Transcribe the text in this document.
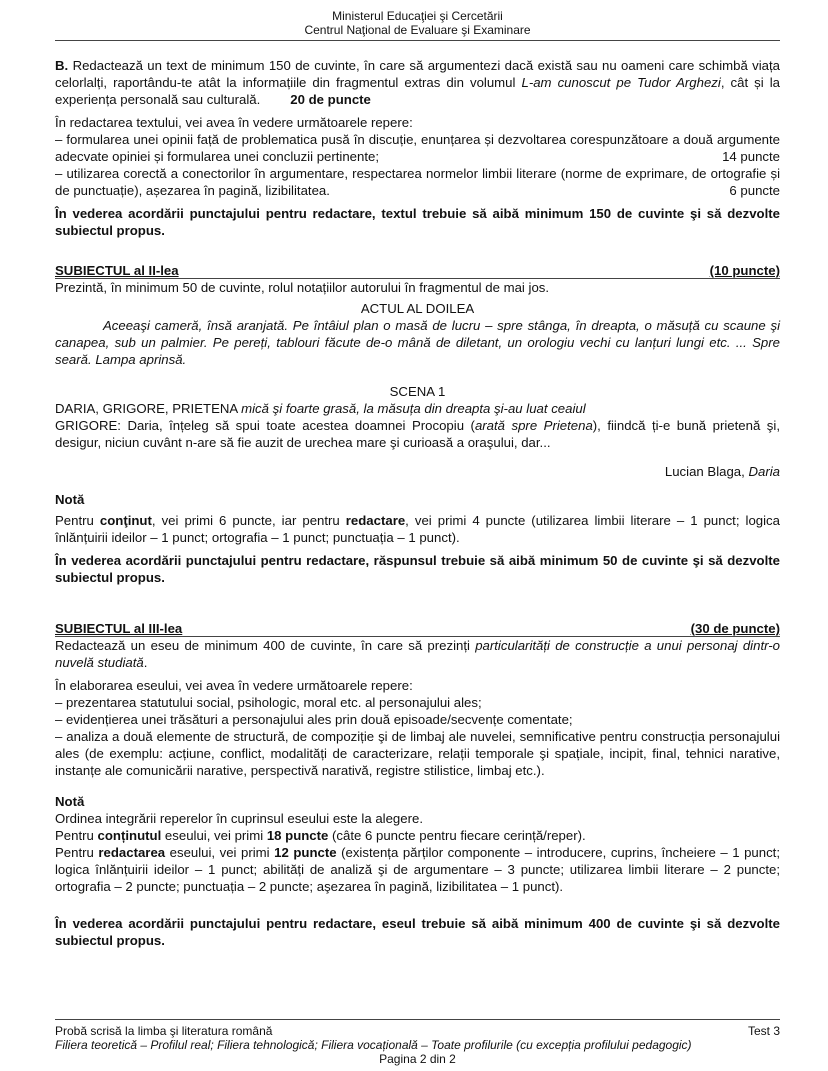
Ministerul Educaţiei şi Cercetării
Centrul Naţional de Evaluare şi Examinare

B. Redactează un text de minimum 150 de cuvinte, în care să argumentezi dacă există sau nu oameni care schimbă viața celorlalți, raportându-te atât la informațiile din fragmentul extras din volumul L-am cunoscut pe Tudor Arghezi, cât și la experiența personală sau culturală. 20 de puncte

În redactarea textului, vei avea în vedere următoarele repere:

– formularea unei opinii față de problematica pusă în discuție, enunțarea și dezvoltarea corespunzătoare a două argumente adecvate opiniei și formularea unei concluzii pertinente;	14 puncte

– utilizarea corectă a conectorilor în argumentare, respectarea normelor limbii literare (norme de exprimare, de ortografie și de punctuație), așezarea în pagină, lizibilitatea.	6 puncte

În vederea acordării punctajului pentru redactare, textul trebuie să aibă minimum 150 de cuvinte şi să dezvolte subiectul propus.

SUBIECTUL al II-lea	(10 puncte)

Prezintă, în minimum 50 de cuvinte, rolul notațiilor autorului în fragmentul de mai jos.

ACTUL AL DOILEA

Aceeaşi cameră, însă aranjată. Pe întâiul plan o masă de lucru – spre stânga, în dreapta, o măsuță cu scaune şi canapea, sub un palmier. Pe pereți, tablouri făcute de-o mână de diletant, un orologiu vechi cu lanțuri lungi etc. ... Spre seară. Lampa aprinsă.

SCENA 1

DARIA, GRIGORE, PRIETENA mică şi foarte grasă, la măsuța din dreapta şi-au luat ceaiul

GRIGORE: Daria, înțeleg să spui toate acestea doamnei Procopiu (arată spre Prietena), fiindcă ți-e bună prietenă şi, desigur, niciun cuvânt n-are să fie auzit de urechea mare şi curioasă a oraşului, dar...

Lucian Blaga, Daria

Notă

Pentru conţinut, vei primi 6 puncte, iar pentru redactare, vei primi 4 puncte (utilizarea limbii literare – 1 punct; logica înlănțuirii ideilor – 1 punct; ortografia – 1 punct; punctuația – 1 punct).

În vederea acordării punctajului pentru redactare, răspunsul trebuie să aibă minimum 50 de cuvinte şi să dezvolte subiectul propus.

SUBIECTUL al III-lea	(30 de puncte)

Redactează un eseu de minimum 400 de cuvinte, în care să prezinți particularități de construcție a unui personaj dintr-o nuvelă studiată.

În elaborarea eseului, vei avea în vedere următoarele repere:

– prezentarea statutului social, psihologic, moral etc. al personajului ales;

– evidențierea unei trăsături a personajului ales prin două episoade/secvențe comentate;

– analiza a două elemente de structură, de compoziție şi de limbaj ale nuvelei, semnificative pentru construcția personajului ales (de exemplu: acțiune, conflict, modalități de caracterizare, relații temporale şi spațiale, incipit, final, tehnici narative, instanțe ale comunicării narative, perspectivă narativă, registre stilistice, limbaj etc.).

Notă

Ordinea integrării reperelor în cuprinsul eseului este la alegere.

Pentru conținutul eseului, vei primi 18 puncte (câte 6 puncte pentru fiecare cerință/reper).

Pentru redactarea eseului, vei primi 12 puncte (existența părților componente – introducere, cuprins, încheiere – 1 punct; logica înlănțuirii ideilor – 1 punct; abilități de analiză şi de argumentare – 3 puncte; utilizarea limbii literare – 2 puncte; ortografia – 2 puncte; punctuația – 2 puncte; aşezarea în pagină, lizibilitatea – 1 punct).

În vederea acordării punctajului pentru redactare, eseul trebuie să aibă minimum 400 de cuvinte şi să dezvolte subiectul propus.

Probă scrisă la limba şi literatura română	Test 3
Filiera teoretică – Profilul real; Filiera tehnologică; Filiera vocațională – Toate profilurile (cu excepția profilului pedagogic)
Pagina 2 din 2
